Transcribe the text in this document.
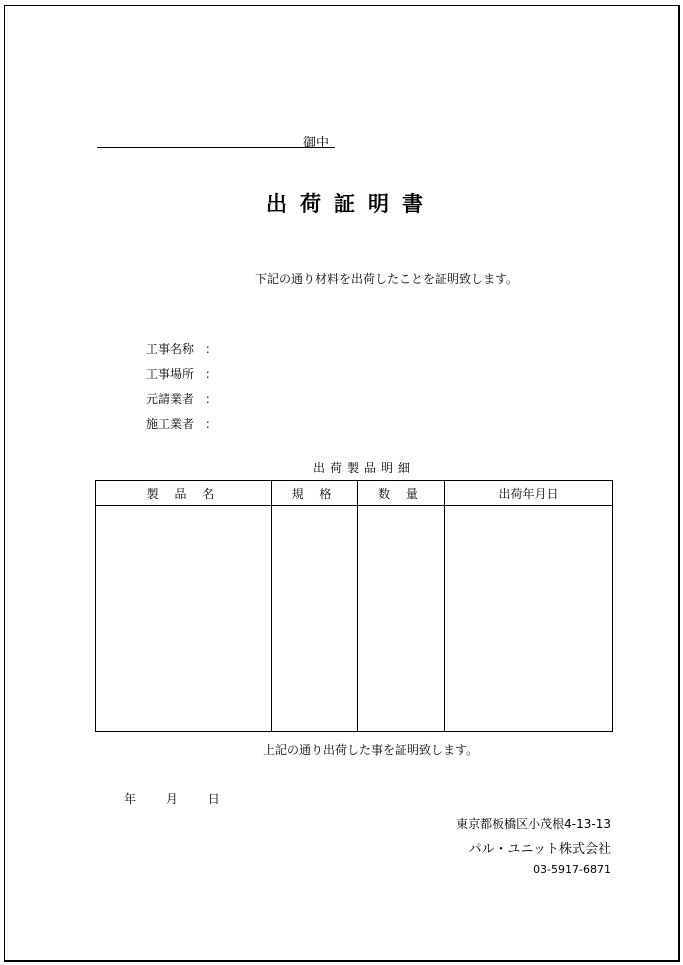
御中
出荷証明書
下記の通り材料を出荷したことを証明致します。
工事名称 ：
工事場所 ：
元請業者 ：
施工業者 ：
出荷製品明細
製 品 名	規 格	数 量	出荷年月日

上記の通り出荷した事を証明致します。
年 月 日
東京都板橋区小茂根4-13-13
パル・ユニット株式会社
03-5917-6871
